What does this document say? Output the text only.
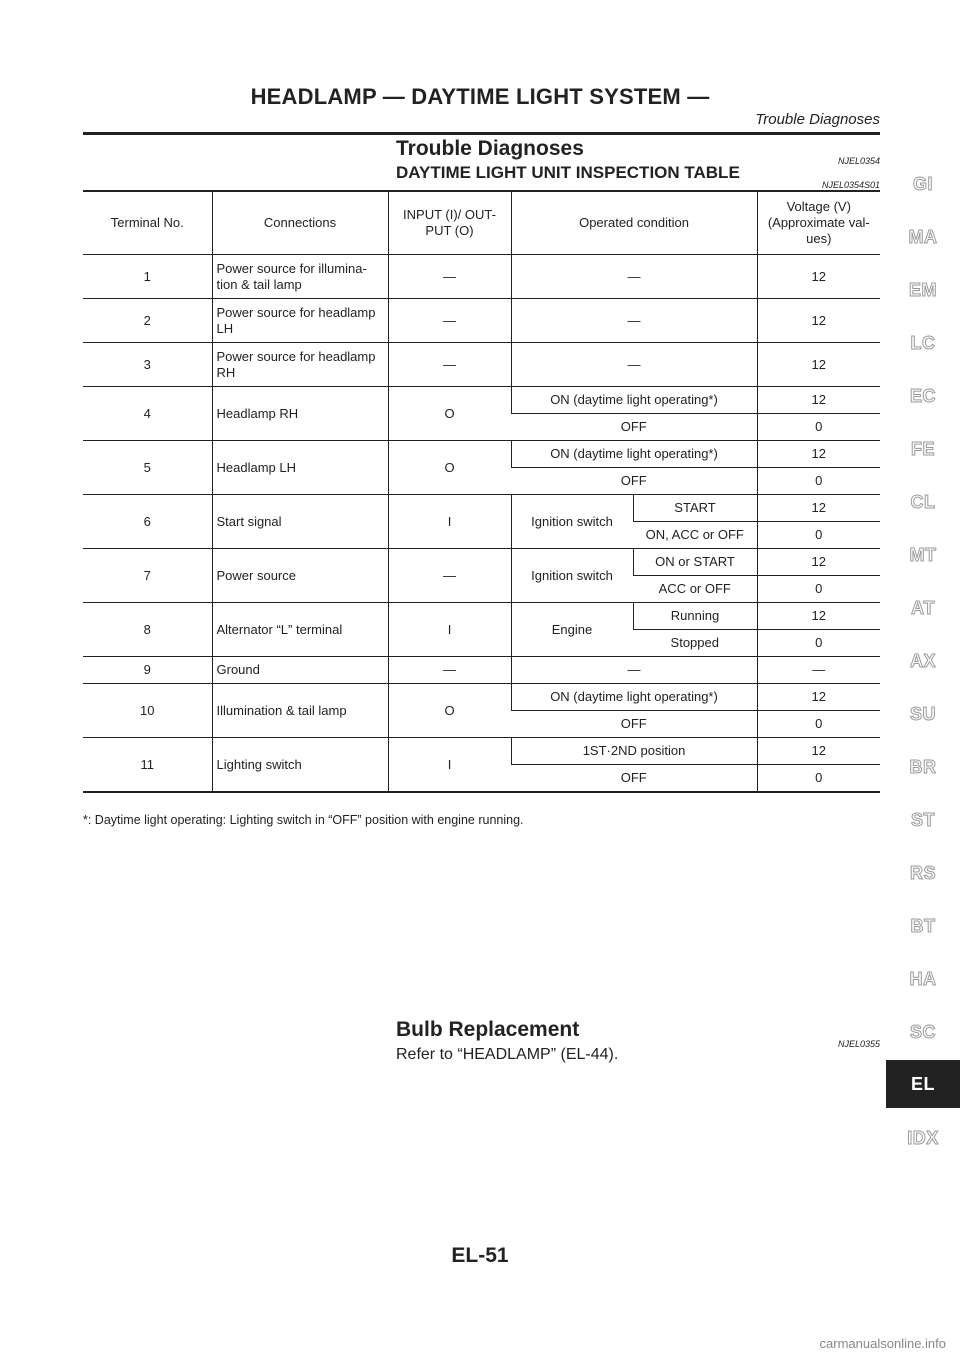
HEADLAMP — DAYTIME LIGHT SYSTEM —
Trouble Diagnoses
Trouble Diagnoses
NJEL0354
DAYTIME LIGHT UNIT INSPECTION TABLE
NJEL0354S01
Terminal No.	Connections	INPUT (I)/ OUT-
PUT (O)	Operated condition		Voltage (V)
(Approximate val-
ues)
1	Power source for illumina-
tion & tail lamp	—	—		12
2	Power source for headlamp
LH	—	—		12
3	Power source for headlamp
RH	—	—		12
4	Headlamp RH	O	ON (daytime light operating*)		12
			OFF		0
5	Headlamp LH	O	ON (daytime light operating*)		12
			OFF		0
6	Start signal	I	Ignition switch	START	12
				ON, ACC or OFF	0
7	Power source	—	Ignition switch	ON or START	12
				ACC or OFF	0
8	Alternator “L” terminal	I	Engine	Running	12
				Stopped	0
9	Ground	—	—		—
10	Illumination & tail lamp	O	ON (daytime light operating*)		12
			OFF		0
11	Lighting switch	I	1ST·2ND position		12
			OFF		0
*: Daytime light operating: Lighting switch in “OFF” position with engine running.
Bulb Replacement
NJEL0355
Refer to “HEADLAMP” (EL-44).
EL-51
GI
MA
EM
LC
EC
FE
CL
MT
AT
AX
SU
BR
ST
RS
BT
HA
SC
EL
IDX
carmanualsonline.info
